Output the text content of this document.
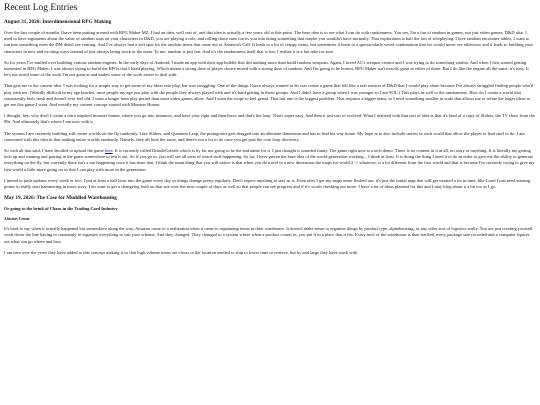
Recent Log Entries
August 31, 2026: Interdimensional RPG Making

Over the last couple of months I have been putting around with RPG Maker MZ. I had an idea, well sort of, and this idea is actually a few years old at this point. The base idea is to see what I can do with randomness. You see, I'm a fan of random in games, not just video games, D&D also. I used to have arguments about the value of random stats on your characters in D&D, you are playing a role, and rolling those stats forces you into doing something that maybe you wouldn't have normally. That exploration is half the fun of roleplaying. I love random encounter tables, I want to run into something even the DM didn't see coming. And I've always had a soft spot for the random items that came out of Asheron's Call. It leads to a lot of crappy items, but sometimes it leads to a spectacularly weird combination that we would never see otherwise and it leads to building your characters in new and exciting ways instead of just always being stuck in the meta. To me, random is just fun. And it's the randomness itself that is fun. I realize it is a hot take for sure.

So for years I've mulled over building various random engines. In the early days of Android, I made an app with their app builder that did nothing more than build random weapons. Again, I loved AC's weapon creator and I was trying to do something similar. And when I first started getting interested in RPG Maker, I was always trying to build the RPGs that I liked playing. Which meant a strong dose of player choice mixed with a strong dose of random. And I'm going to be honest, RPG Maker isn't exactly great at either of these. But I do like the engine all the same, it's easy. It let's me avoid some of the work I'm not great at and makes some of the work easier to deal with.

That gets me to the current idea. I was looking for a simple way to get some of my ideas into play, but was struggling. One of the things I have always wanted to do was create a game that felt like a real session of D&D that I would play alone because I've always struggled finding people who'd play with me. (Weirdly difficult in my age bracket, most people my age just play with the people they always played with and it's hard getting in those groups. And I didn't have a group when I was younger so I am SOL.) This plays in well to the randomness. How do I create a world that consistently feels fresh and doesn't ever feel old. I want a longer term play period than most video games allow. And I want the scope to feel grand. That last one is the biggest problem. That requires a bigger team, so I need something smaller in scale that allows me to refine the larger ideas to get me this game I want. And weirdly my current concept started with Monster Hunter.

I thought, hey, why don't I create a retro inspired monster hunter, where you go into instances, and have your fight and then leave and that's the loop. That's super easy. And then it just sort of evolved. What I realized with that sort of idea is that it's kind of a copy of Sliders, the TV show from the 90s. And ultimately that's where I am now with it.

The system I am currently building will create worlds on the fly randomly. Like Sliders, and Quantum Leap, the protagonist gets dragged into an alternate dimension and has to find his way home. My hope is to also include stories so each world that allow the player to find stuff to do. I am concerned with this idea in that making entire worlds randomly. Namely, they all look the same, and there's not a lot to do once you get past the core loop discovery.

So with all that said, I have decided to upload the game here. It is currently called DrizzleGrizzle which is by far not going to be the end name for it, I just thought it sounded funny. The game right now is a tech demo. There is no content in it at all, no story or anything. It is literally me getting tech up and running and putting in the game somewhere to test it out. So if you go in, you will see all sorts of weird stuff happening. So far, I have gotten the base idea of the world generation working... I think at least. It is doing the thing I need it to do in order to give me the ability to generate everything on the fly, but currently there isn't a ton happening once it has done that. I think the main thing that you will notice is that when you do travel to a new dimension the maps for world 2 -> whatever, is a lot different from the first world and that is because I'm currently trying to give my first world a little more going on so that I can play with more in the generation.

I intend to push updates every week or two. I put at least a half hour into the game every day so things change pretty regularly. Don't expect anything to stay as is. Even after I get my maps more fleshed out, it's just the initial map that will get iterated a lot in time, like I said I just need starting points to really start hammering in more story. I do want to get a changelog built on that site over the next couple of days as well so that people can see progress and if it's worth checking out more. I have a lot of ideas planned for this and I may blog about it a bit too as I go.

May 19, 2026: The Case for Muddled Warehousing
Or going to the brink of Chaos in the Trading Card Industry
A history Lesson

It's hard to say when it actually happened but somewhere along the way, Amazon came to a realization when it came to organizing items in their warehouse. It doesn't make sense to organize things by product type, alphabetizing, or any other sort of logistics really. You are just creating yourself work down the line having to constantly re-organize everything to suit your scheme. And they changed. They changed to a system where when a product comes in, you put it in a place that it fits. Every inch of the warehouse is then tracked, every package size recorded and a computer figures out what can go where and how.

I am sure over the years they have added to this concept making it so that high volume items are closer to the location needed to ship to lower time to retrieve, but by and large they have stuck with
